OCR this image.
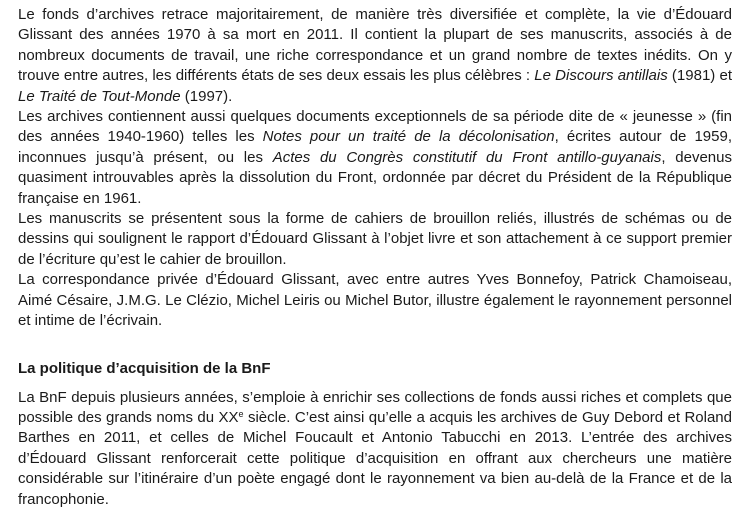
Le fonds d’archives retrace majoritairement, de manière très diversifiée et complète, la vie d’Édouard Glissant des années 1970 à sa mort en 2011. Il contient la plupart de ses manuscrits, associés à de nombreux documents de travail, une riche correspondance et un grand nombre de textes inédits. On y trouve entre autres, les différents états de ses deux essais les plus célèbres : Le Discours antillais (1981) et Le Traité de Tout-Monde (1997).

Les archives contiennent aussi quelques documents exceptionnels de sa période dite de « jeunesse » (fin des années 1940-1960) telles les Notes pour un traité de la décolonisation, écrites autour de 1959, inconnues jusqu’à présent, ou les Actes du Congrès constitutif du Front antillo-guyanais, devenus quasiment introuvables après la dissolution du Front, ordonnée par décret du Président de la République française en 1961.

Les manuscrits se présentent sous la forme de cahiers de brouillon reliés, illustrés de schémas ou de dessins qui soulignent le rapport d’Édouard Glissant à l’objet livre et son attachement à ce support premier de l’écriture qu’est le cahier de brouillon.

La correspondance privée d’Édouard Glissant, avec entre autres Yves Bonnefoy, Patrick Chamoiseau, Aimé Césaire, J.M.G. Le Clézio, Michel Leiris ou Michel Butor, illustre également le rayonnement personnel et intime de l’écrivain.

La politique d’acquisition de la BnF

La BnF depuis plusieurs années, s’emploie à enrichir ses collections de fonds aussi riches et complets que possible des grands noms du XXe siècle. C’est ainsi qu’elle a acquis les archives de Guy Debord et Roland Barthes en 2011, et celles de Michel Foucault et Antonio Tabucchi en 2013. L’entrée des archives d’Édouard Glissant renforcerait cette politique d’acquisition en offrant aux chercheurs une matière considérable sur l’itinéraire d’un poète engagé dont le rayonnement va bien au-delà de la France et de la francophonie.
